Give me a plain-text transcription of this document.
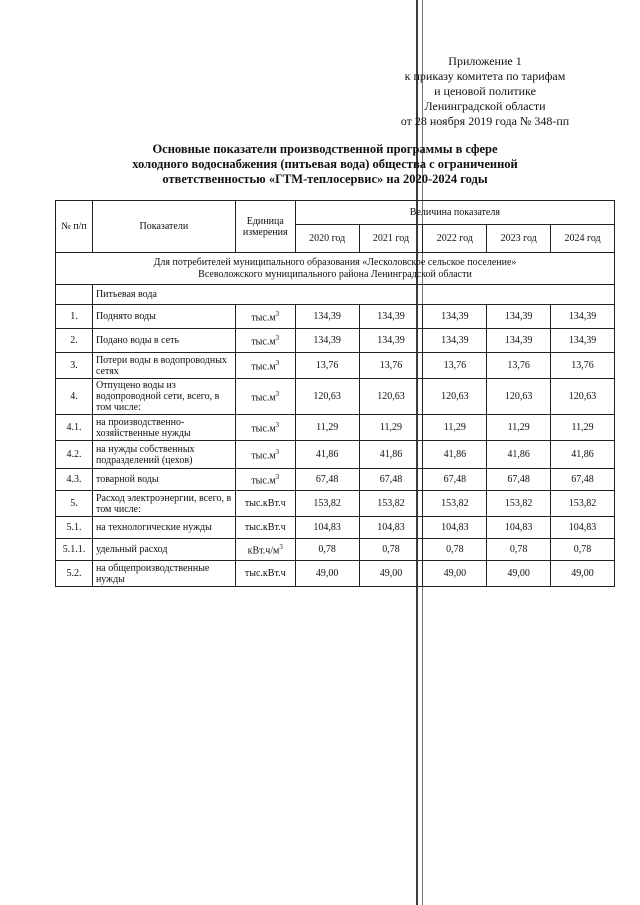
Приложение 1
к приказу комитета по тарифам
и ценовой политике
Ленинградской области
от 28 ноября 2019 года № 348-пп
Основные показатели производственной программы в сфере
холодного водоснабжения (питьевая вода) общества с ограниченной
ответственностью «ГТМ-теплосервис» на 2020-2024 годы
№ п/п	Показатели	Единица измерения	Величина показателя				
			2020 год	2021 год	2022 год	2023 год	2024 год

Для потребителей муниципального образования «Лесколовское сельское поселение»
Всеволожского муниципального района Ленинградской области							

	Питьевая вода						
1.	Поднято воды	$тыс.м^3$	134,39	134,39	134,39	134,39	134,39
2.	Подано воды в сеть	$тыс.м^3$	134,39	134,39	134,39	134,39	134,39
3.	Потери воды в водопроводных сетях	$тыс.м^3$	13,76	13,76	13,76	13,76	13,76
4.	Отпущено воды из водопроводной сети, всего, в том числе:	$тыс.м^3$	120,63	120,63	120,63	120,63	120,63
4.1.	на производственно-хозяйственные нужды	$тыс.м^3$	11,29	11,29	11,29	11,29	11,29
4.2.	на нужды собственных подразделений (цехов)	$тыс.м^3$	41,86	41,86	41,86	41,86	41,86
4.3.	товарной воды	$тыс.м^3$	67,48	67,48	67,48	67,48	67,48
5.	Расход электроэнергии, всего, в том числе:	тыс.кВт.ч	153,82	153,82	153,82	153,82	153,82
5.1.	на технологические нужды	тыс.кВт.ч	104,83	104,83	104,83	104,83	104,83
5.1.1.	удельный расход	$кВт.ч/м^3$	0,78	0,78	0,78	0,78	0,78
5.2.	на общепроизводственные нужды	тыс.кВт.ч	49,00	49,00	49,00	49,00	49,00
